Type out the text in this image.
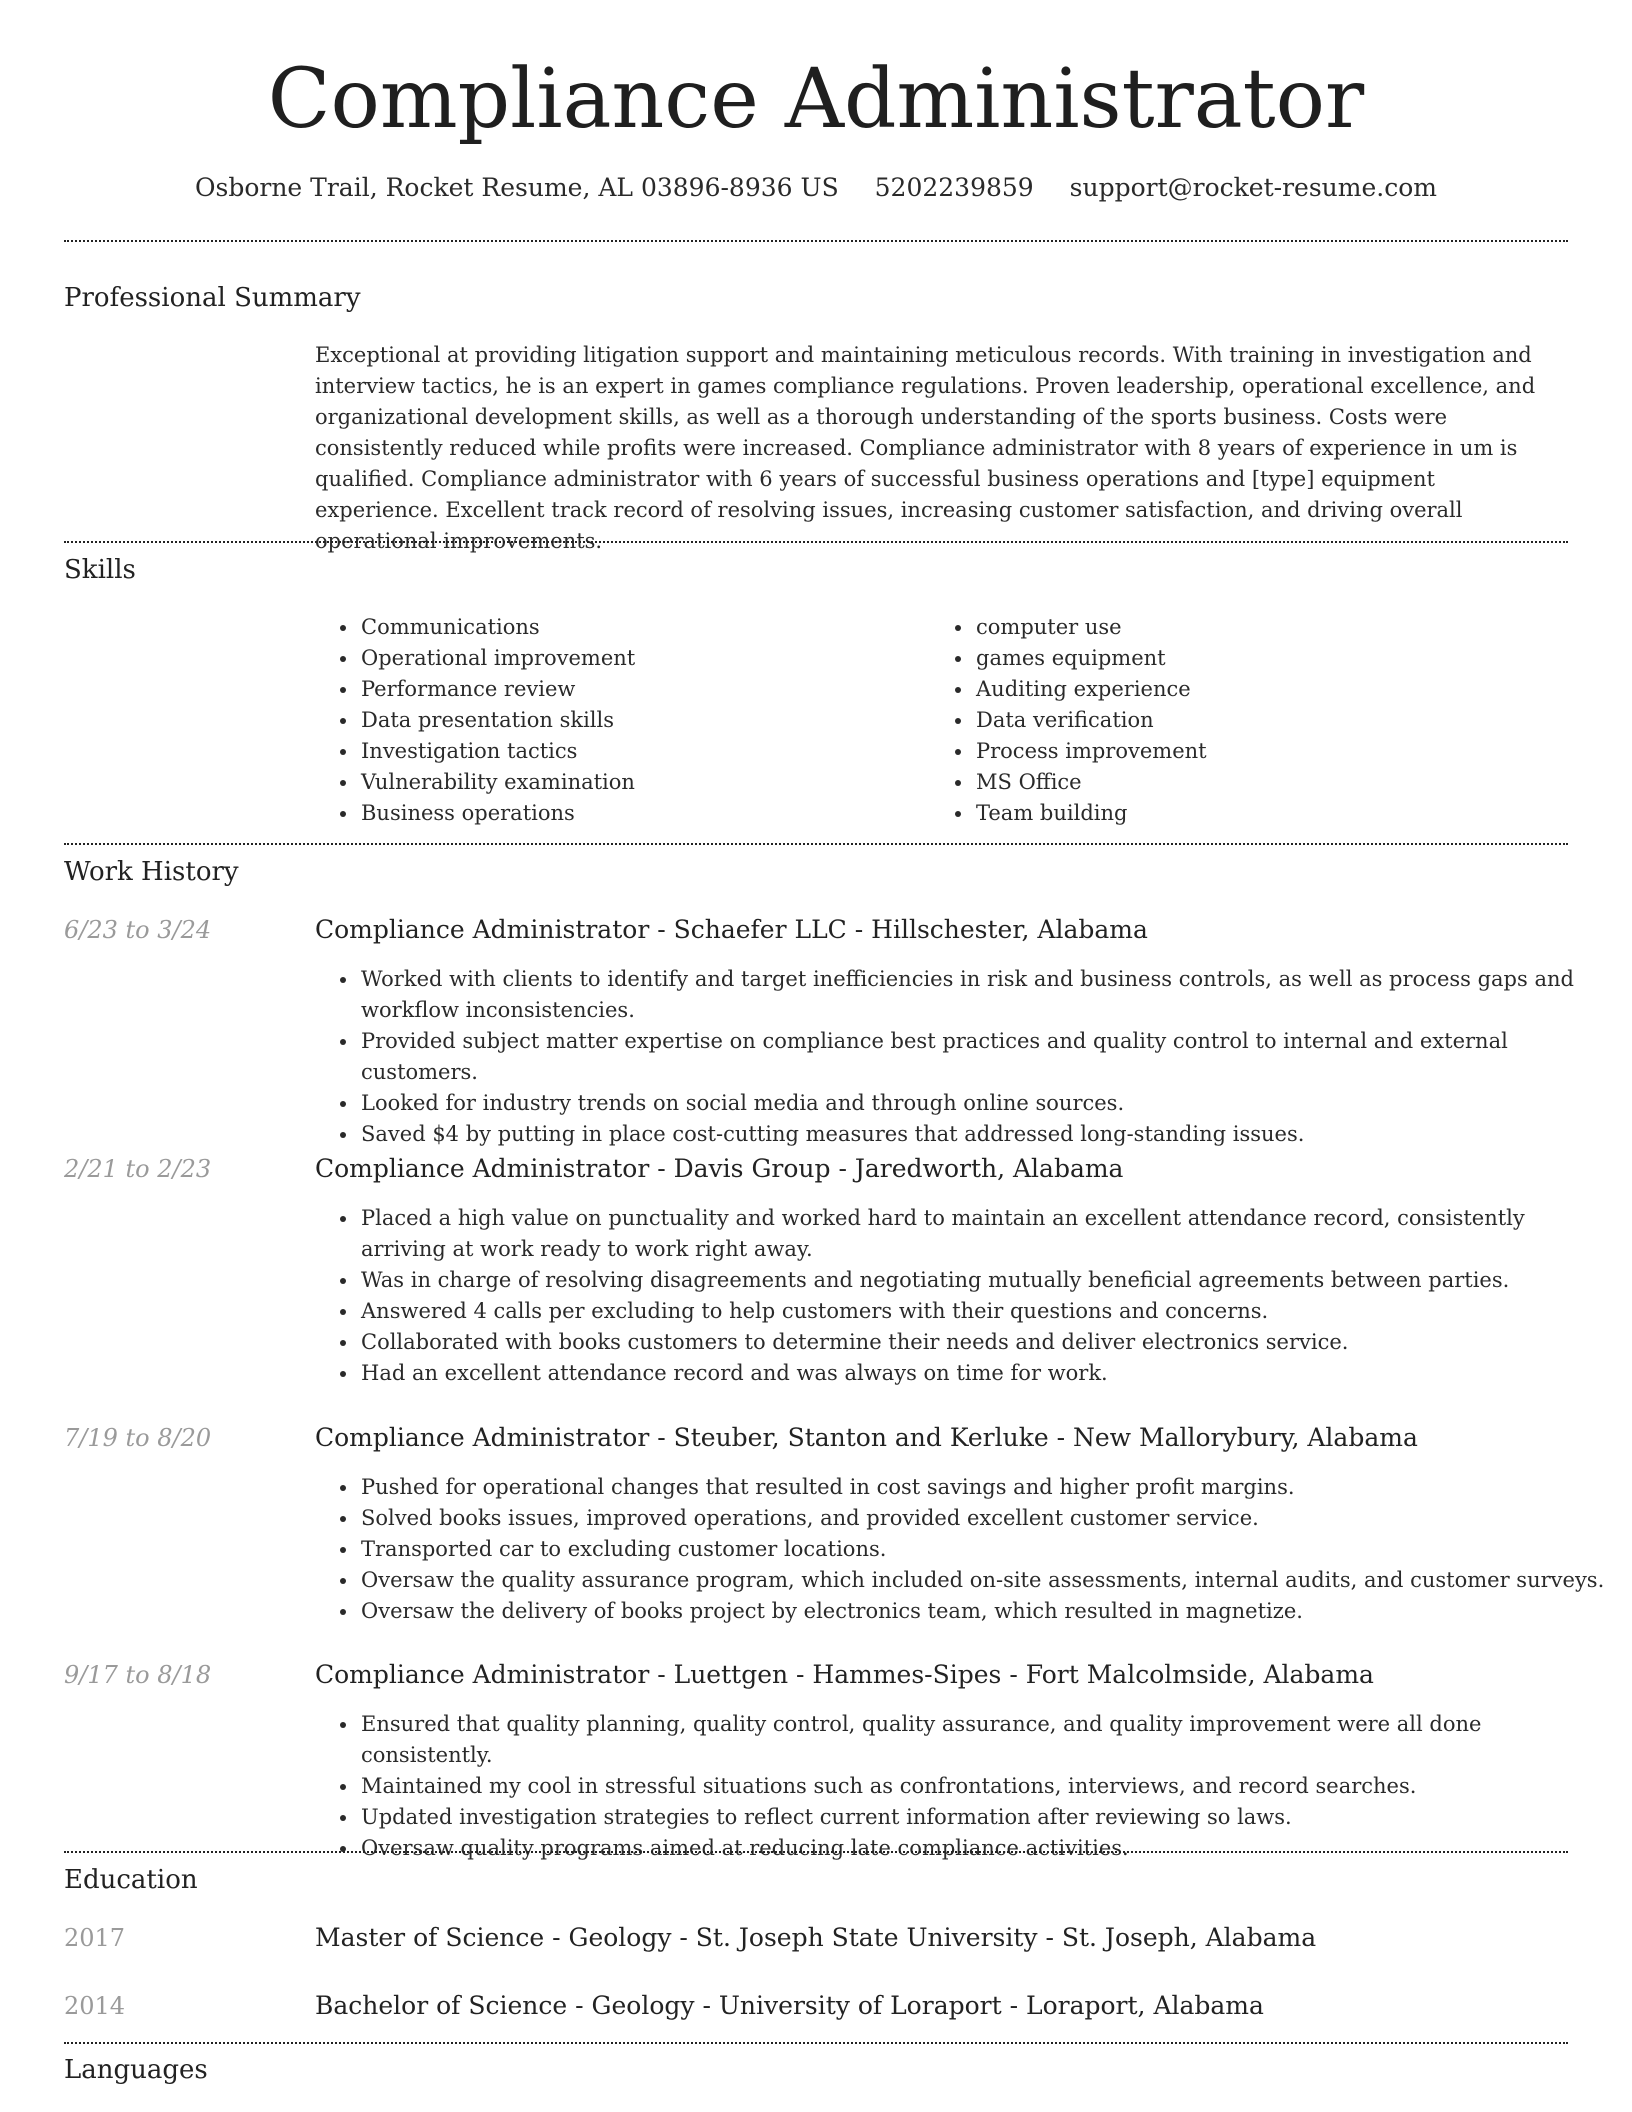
Compliance Administrator
Osborne Trail, Rocket Resume, AL 03896-8936 US 5202239859 support@rocket-resume.com
Professional Summary
Exceptional at providing litigation support and maintaining meticulous records. With training in investigation and interview tactics, he is an expert in games compliance regulations. Proven leadership, operational excellence, and organizational development skills, as well as a thorough understanding of the sports business. Costs were consistently reduced while profits were increased. Compliance administrator with 8 years of experience in um is qualified. Compliance administrator with 6 years of successful business operations and [type] equipment experience. Excellent track record of resolving issues, increasing customer satisfaction, and driving overall operational improvements.
Skills
• Communications
• Operational improvement
• Performance review
• Data presentation skills
• Investigation tactics
• Vulnerability examination
• Business operations
• computer use
• games equipment
• Auditing experience
• Data verification
• Process improvement
• MS Office
• Team building
Work History
6/23 to 3/24	Compliance Administrator - Schaefer LLC - Hillschester, Alabama
• Worked with clients to identify and target inefficiencies in risk and business controls, as well as process gaps and workflow inconsistencies.
• Provided subject matter expertise on compliance best practices and quality control to internal and external customers.
• Looked for industry trends on social media and through online sources.
• Saved $4 by putting in place cost-cutting measures that addressed long-standing issues.
2/21 to 2/23	Compliance Administrator - Davis Group - Jaredworth, Alabama
• Placed a high value on punctuality and worked hard to maintain an excellent attendance record, consistently arriving at work ready to work right away.
• Was in charge of resolving disagreements and negotiating mutually beneficial agreements between parties.
• Answered 4 calls per excluding to help customers with their questions and concerns.
• Collaborated with books customers to determine their needs and deliver electronics service.
• Had an excellent attendance record and was always on time for work.
7/19 to 8/20	Compliance Administrator - Steuber, Stanton and Kerluke - New Mallorybury, Alabama
• Pushed for operational changes that resulted in cost savings and higher profit margins.
• Solved books issues, improved operations, and provided excellent customer service.
• Transported car to excluding customer locations.
• Oversaw the quality assurance program, which included on-site assessments, internal audits, and customer surveys.
• Oversaw the delivery of books project by electronics team, which resulted in magnetize.
9/17 to 8/18	Compliance Administrator - Luettgen - Hammes-Sipes - Fort Malcolmside, Alabama
• Ensured that quality planning, quality control, quality assurance, and quality improvement were all done consistently.
• Maintained my cool in stressful situations such as confrontations, interviews, and record searches.
• Updated investigation strategies to reflect current information after reviewing so laws.
• Oversaw quality programs aimed at reducing late compliance activities.
Education
2017	Master of Science - Geology - St. Joseph State University - St. Joseph, Alabama
2014	Bachelor of Science - Geology - University of Loraport - Loraport, Alabama
Languages
